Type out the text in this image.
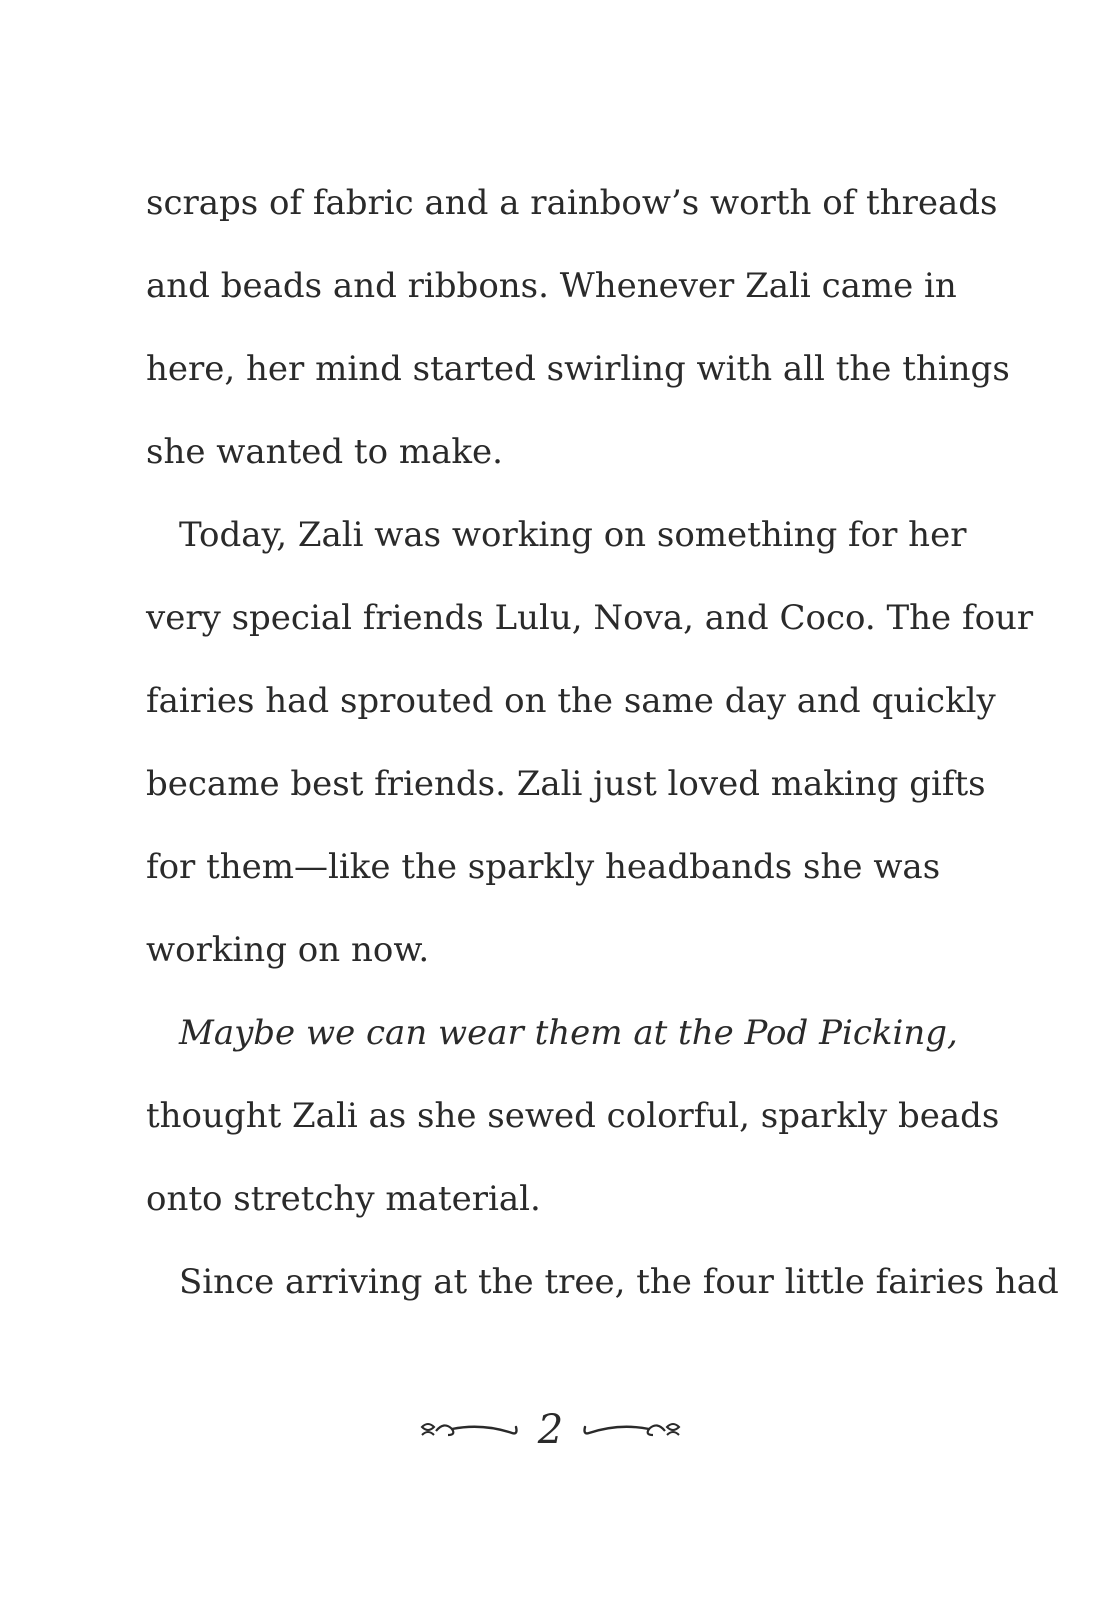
scraps of fabric and a rainbow’s worth of threads
and beads and ribbons. Whenever Zali came in
here, her mind started swirling with all the things
she wanted to make.
Today, Zali was working on something for her
very special friends Lulu, Nova, and Coco. The four
fairies had sprouted on the same day and quickly
became best friends. Zali just loved making gifts
for them—like the sparkly headbands she was
working on now.
Maybe we can wear them at the Pod Picking,
thought Zali as she sewed colorful, sparkly beads
onto stretchy material.
Since arriving at the tree, the four little fairies had
2
